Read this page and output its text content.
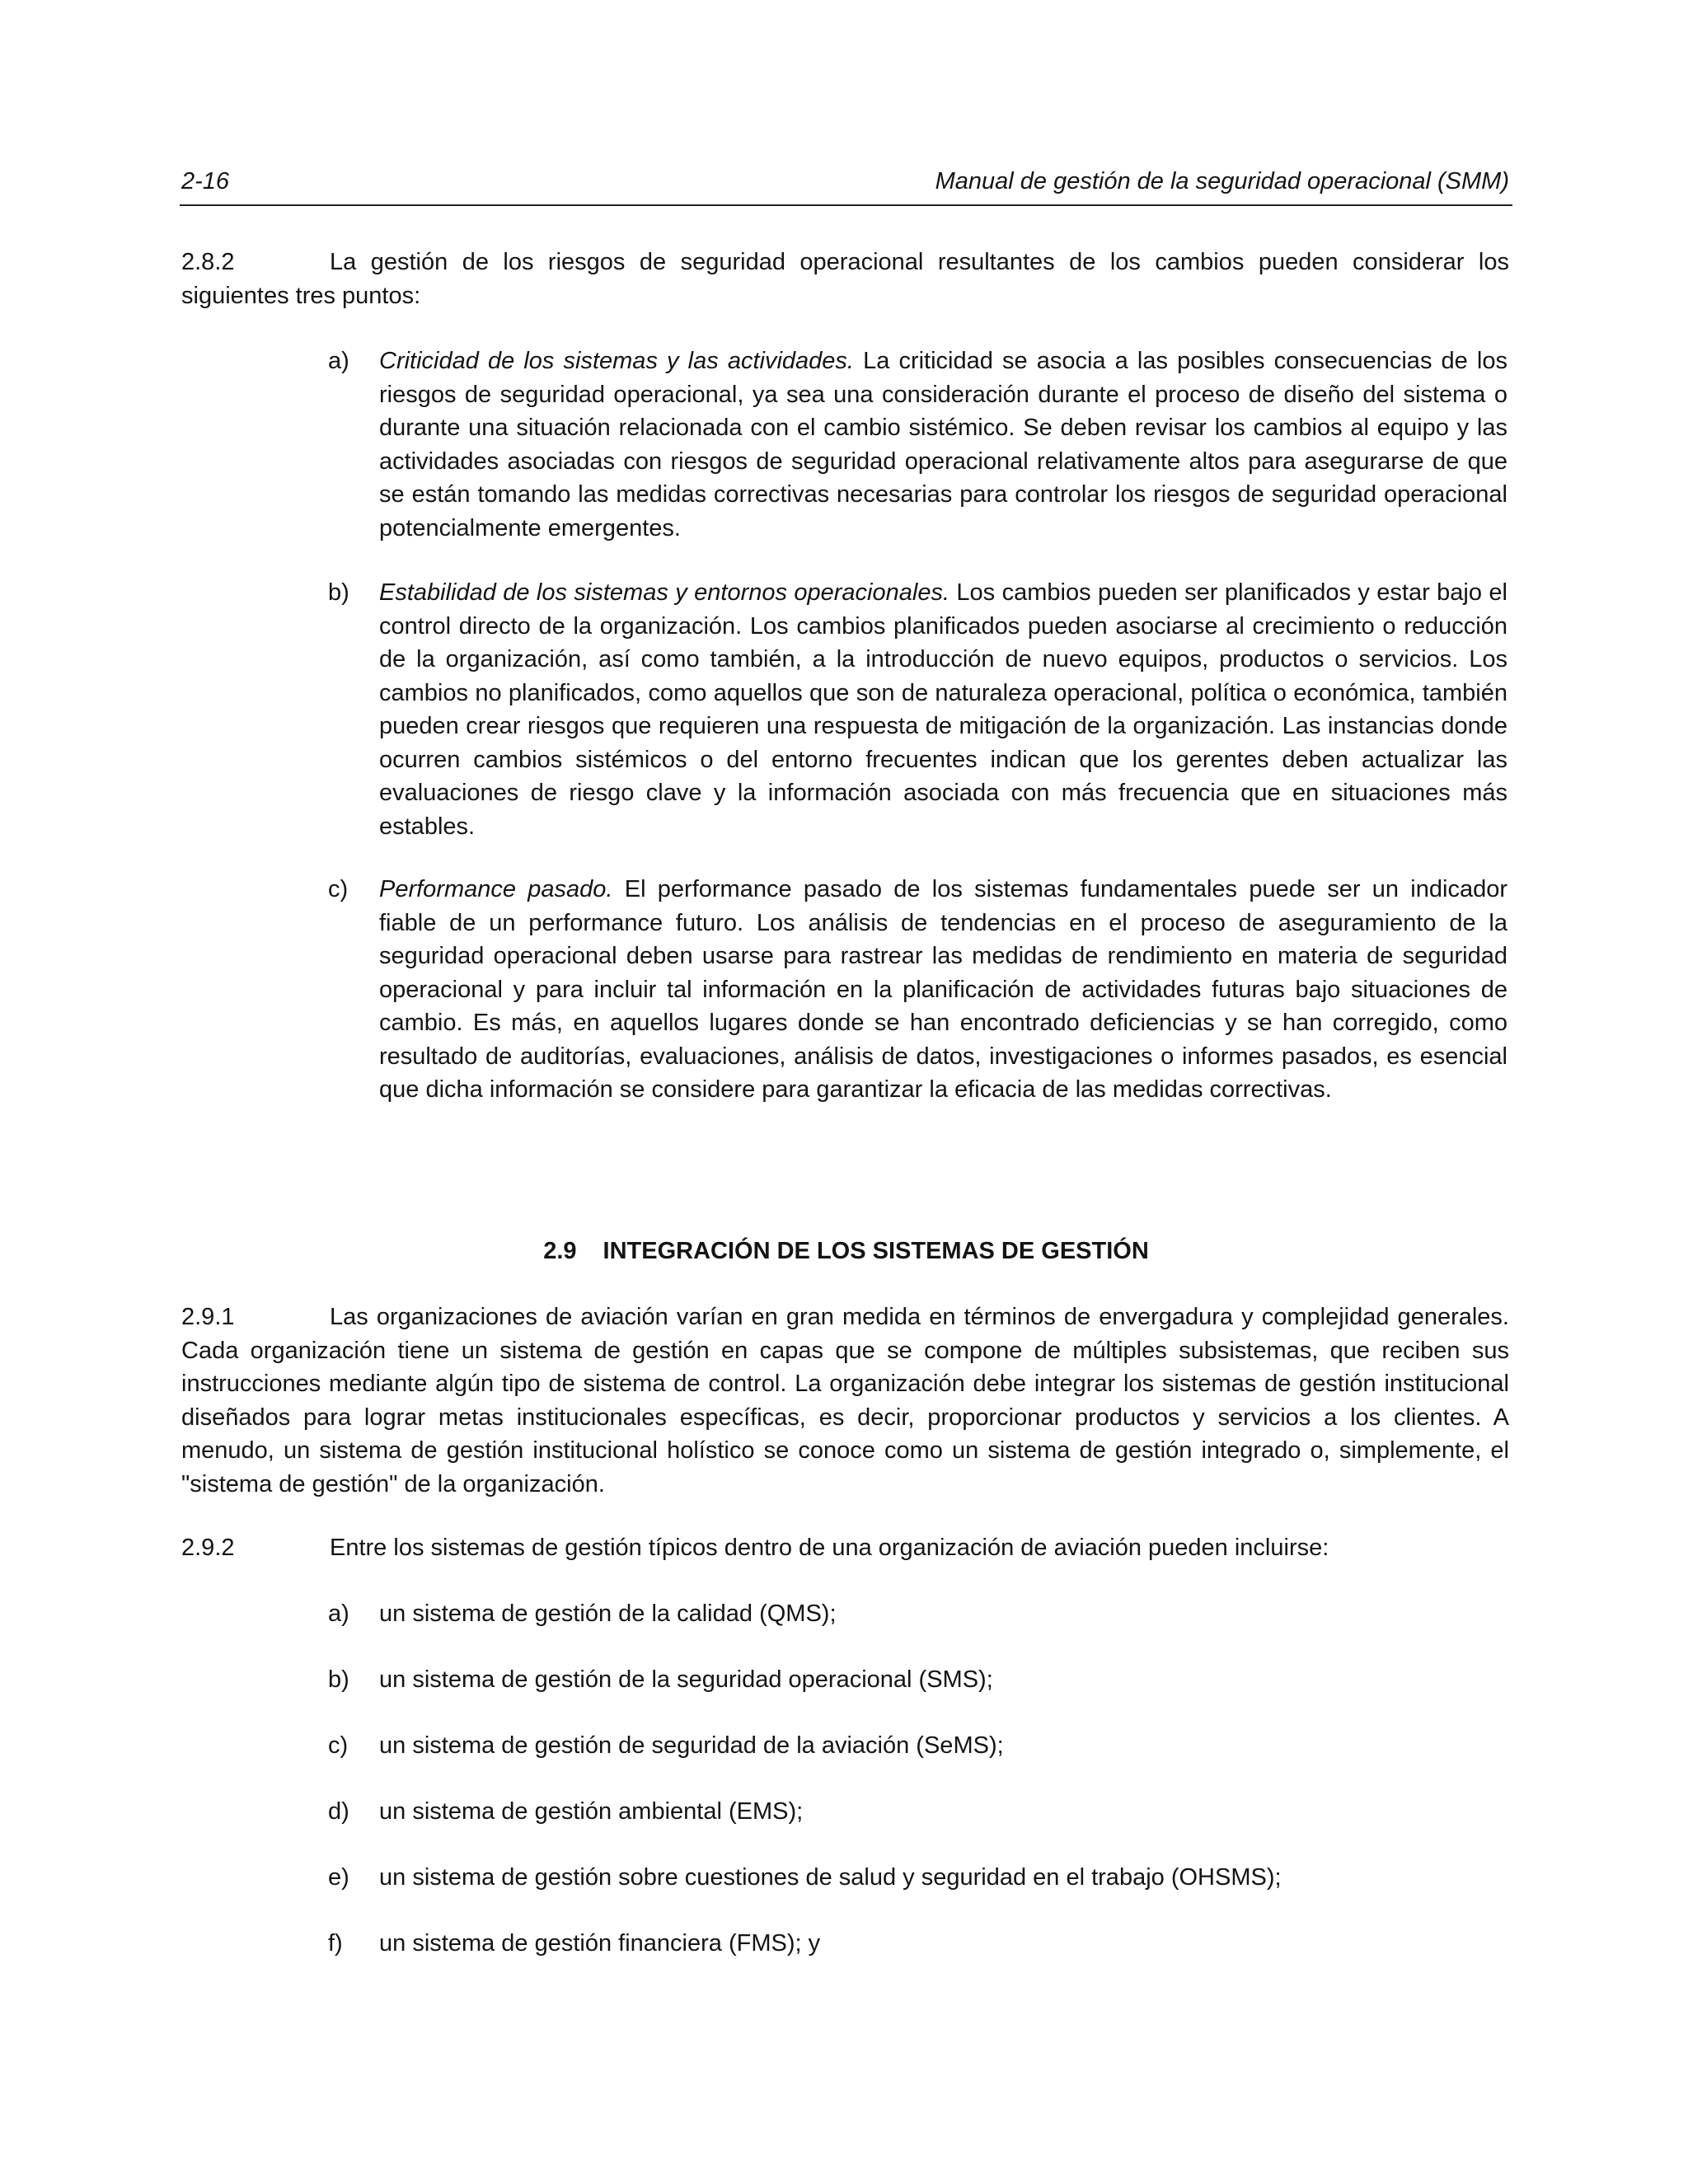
2-16	Manual de gestión de la seguridad operacional (SMM)
2.8.2	La gestión de los riesgos de seguridad operacional resultantes de los cambios pueden considerar los siguientes tres puntos:
a)	Criticidad de los sistemas y las actividades. La criticidad se asocia a las posibles consecuencias de los riesgos de seguridad operacional, ya sea una consideración durante el proceso de diseño del sistema o durante una situación relacionada con el cambio sistémico. Se deben revisar los cambios al equipo y las actividades asociadas con riesgos de seguridad operacional relativamente altos para asegurarse de que se están tomando las medidas correctivas necesarias para controlar los riesgos de seguridad operacional potencialmente emergentes.
b)	Estabilidad de los sistemas y entornos operacionales. Los cambios pueden ser planificados y estar bajo el control directo de la organización. Los cambios planificados pueden asociarse al crecimiento o reducción de la organización, así como también, a la introducción de nuevo equipos, productos o servicios. Los cambios no planificados, como aquellos que son de naturaleza operacional, política o económica, también pueden crear riesgos que requieren una respuesta de mitigación de la organización. Las instancias donde ocurren cambios sistémicos o del entorno frecuentes indican que los gerentes deben actualizar las evaluaciones de riesgo clave y la información asociada con más frecuencia que en situaciones más estables.
c)	Performance pasado. El performance pasado de los sistemas fundamentales puede ser un indicador fiable de un performance futuro. Los análisis de tendencias en el proceso de aseguramiento de la seguridad operacional deben usarse para rastrear las medidas de rendimiento en materia de seguridad operacional y para incluir tal información en la planificación de actividades futuras bajo situaciones de cambio. Es más, en aquellos lugares donde se han encontrado deficiencias y se han corregido, como resultado de auditorías, evaluaciones, análisis de datos, investigaciones o informes pasados, es esencial que dicha información se considere para garantizar la eficacia de las medidas correctivas.
2.9 INTEGRACIÓN DE LOS SISTEMAS DE GESTIÓN
2.9.1	Las organizaciones de aviación varían en gran medida en términos de envergadura y complejidad generales. Cada organización tiene un sistema de gestión en capas que se compone de múltiples subsistemas, que reciben sus instrucciones mediante algún tipo de sistema de control. La organización debe integrar los sistemas de gestión institucional diseñados para lograr metas institucionales específicas, es decir, proporcionar productos y servicios a los clientes. A menudo, un sistema de gestión institucional holístico se conoce como un sistema de gestión integrado o, simplemente, el "sistema de gestión" de la organización.
2.9.2	Entre los sistemas de gestión típicos dentro de una organización de aviación pueden incluirse:
a)	un sistema de gestión de la calidad (QMS);
b)	un sistema de gestión de la seguridad operacional (SMS);
c)	un sistema de gestión de seguridad de la aviación (SeMS);
d)	un sistema de gestión ambiental (EMS);
e)	un sistema de gestión sobre cuestiones de salud y seguridad en el trabajo (OHSMS);
f)	un sistema de gestión financiera (FMS); y
